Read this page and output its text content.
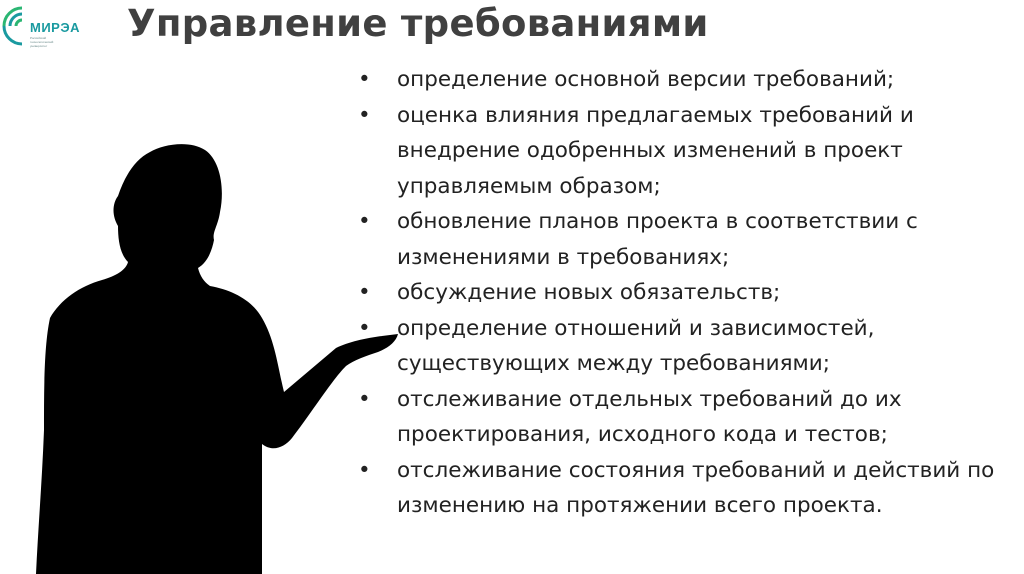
МИРЭА
Российский технологический университет
Управление требованиями
• определение основной версии требований;
• оценка влияния предлагаемых требований и внедрение одобренных изменений в проект управляемым образом;
• обновление планов проекта в соответствии с изменениями в требованиях;
• обсуждение новых обязательств;
• определение отношений и зависимостей, существующих между требованиями;
• отслеживание отдельных требований до их проектирования, исходного кода и тестов;
• отслеживание состояния требований и действий по изменению на протяжении всего проекта.
